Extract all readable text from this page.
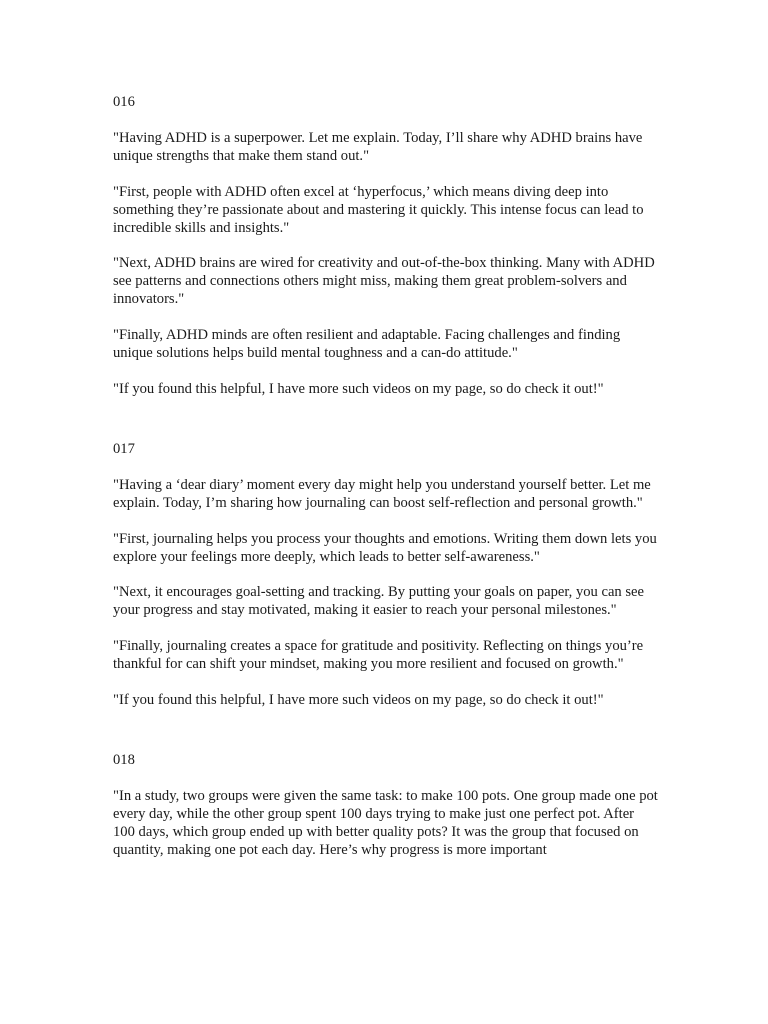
016

"Having ADHD is a superpower. Let me explain. Today, I’ll share why ADHD brains have unique strengths that make them stand out."

"First, people with ADHD often excel at ‘hyperfocus,’ which means diving deep into something they’re passionate about and mastering it quickly. This intense focus can lead to incredible skills and insights."

"Next, ADHD brains are wired for creativity and out-of-the-box thinking. Many with ADHD see patterns and connections others might miss, making them great problem-solvers and innovators."

"Finally, ADHD minds are often resilient and adaptable. Facing challenges and finding unique solutions helps build mental toughness and a can-do attitude."

"If you found this helpful, I have more such videos on my page, so do check it out!"

017

"Having a ‘dear diary’ moment every day might help you understand yourself better. Let me explain. Today, I’m sharing how journaling can boost self-reflection and personal growth."

"First, journaling helps you process your thoughts and emotions. Writing them down lets you explore your feelings more deeply, which leads to better self-awareness."

"Next, it encourages goal-setting and tracking. By putting your goals on paper, you can see your progress and stay motivated, making it easier to reach your personal milestones."

"Finally, journaling creates a space for gratitude and positivity. Reflecting on things you’re thankful for can shift your mindset, making you more resilient and focused on growth."

"If you found this helpful, I have more such videos on my page, so do check it out!"

018

"In a study, two groups were given the same task: to make 100 pots. One group made one pot every day, while the other group spent 100 days trying to make just one perfect pot. After 100 days, which group ended up with better quality pots? It was the group that focused on quantity, making one pot each day. Here’s why progress is more important
